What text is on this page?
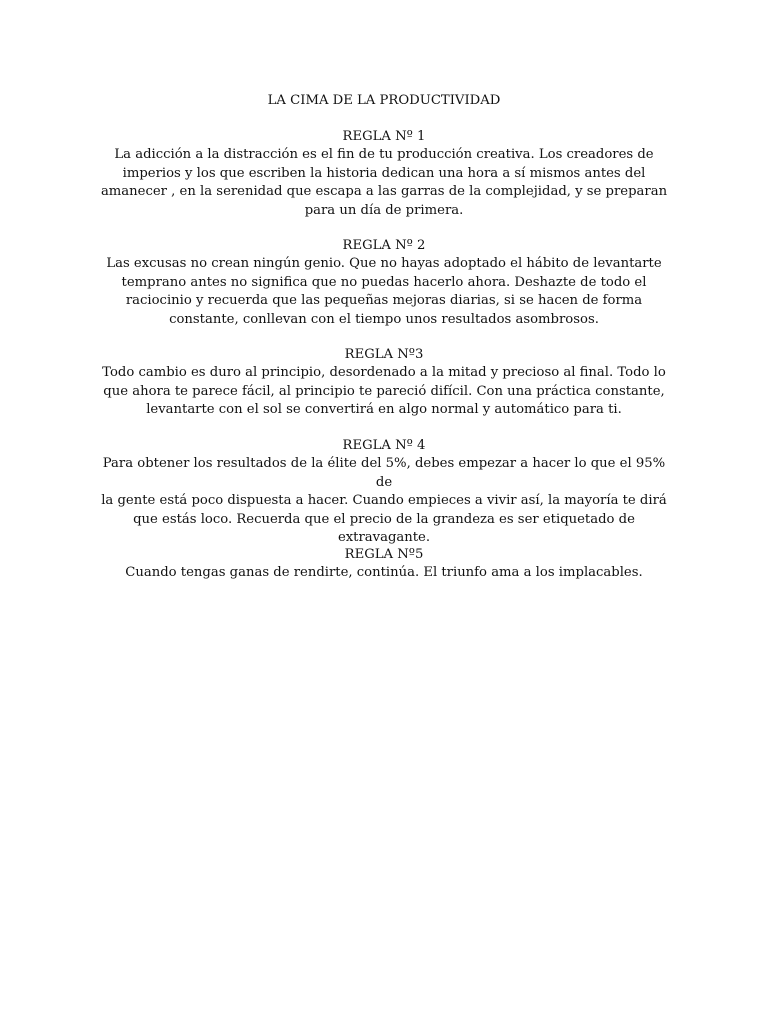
LA CIMA DE LA PRODUCTIVIDAD
REGLA Nº 1

La adicción a la distracción es el fin de tu producción creativa. Los creadores de
imperios y los que escriben la historia dedican una hora a sí mismos antes del
amanecer , en la serenidad que escapa a las garras de la complejidad, y se preparan
para un día de primera.

REGLA Nº 2

Las excusas no crean ningún genio. Que no hayas adoptado el hábito de levantarte
temprano antes no significa que no puedas hacerlo ahora. Deshazte de todo el
raciocinio y recuerda que las pequeñas mejoras diarias, si se hacen de forma
constante, conllevan con el tiempo unos resultados asombrosos.

REGLA Nº3

Todo cambio es duro al principio, desordenado a la mitad y precioso al final. Todo lo
que ahora te parece fácil, al principio te pareció difícil. Con una práctica constante,
levantarte con el sol se convertirá en algo normal y automático para ti.

REGLA Nº 4

Para obtener los resultados de la élite del 5%, debes empezar a hacer lo que el 95% de
la gente está poco dispuesta a hacer. Cuando empieces a vivir así, la mayoría te dirá
que estás loco. Recuerda que el precio de la grandeza es ser etiquetado de
extravagante.

REGLA Nº5

Cuando tengas ganas de rendirte, continúa. El triunfo ama a los implacables.
